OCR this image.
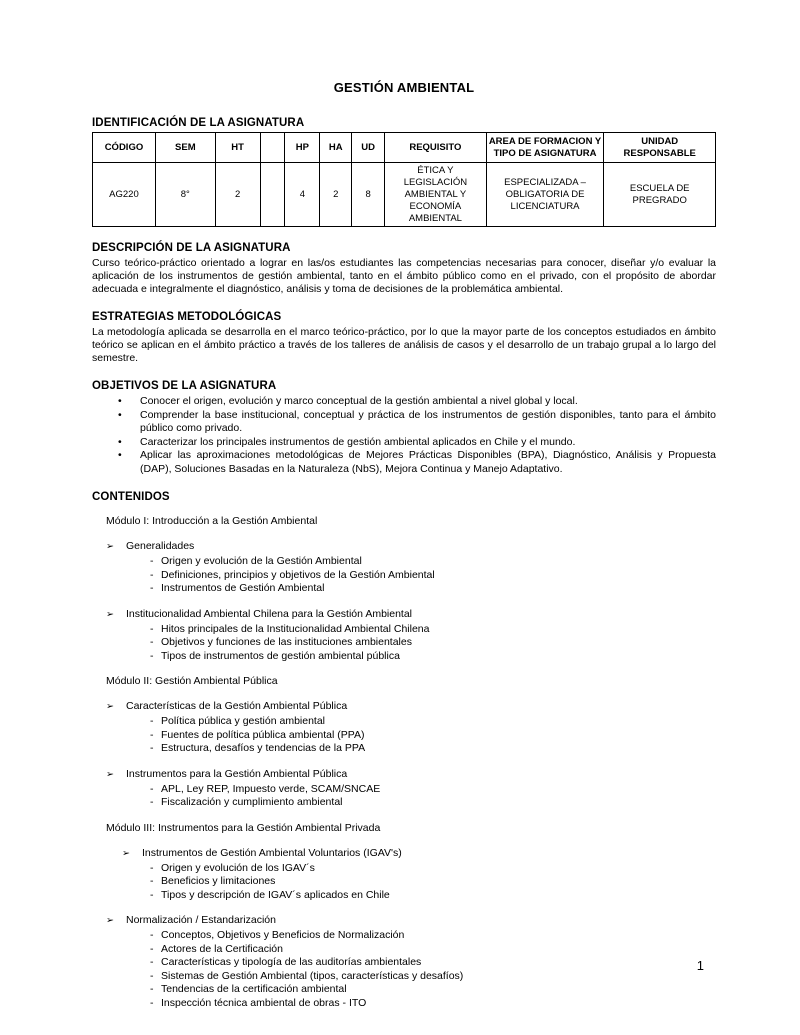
GESTIÓN AMBIENTAL
IDENTIFICACIÓN DE LA ASIGNATURA
CÓDIGO	SEM	HT		HP	HA	UD	REQUISITO	AREA DE FORMACION Y TIPO DE ASIGNATURA	UNIDAD RESPONSABLE
AG220	8°	2		4	2	8	ÉTICA Y LEGISLACIÓN AMBIENTAL Y ECONOMÍA AMBIENTAL	ESPECIALIZADA – OBLIGATORIA DE LICENCIATURA	ESCUELA DE PREGRADO
DESCRIPCIÓN DE LA ASIGNATURA

Curso teórico-práctico orientado a lograr en las/os estudiantes las competencias necesarias para conocer, diseñar y/o evaluar la aplicación de los instrumentos de gestión ambiental, tanto en el ámbito público como en el privado, con el propósito de abordar adecuada e integralmente el diagnóstico, análisis y toma de decisiones de la problemática ambiental.

ESTRATEGIAS METODOLÓGICAS

La metodología aplicada se desarrolla en el marco teórico-práctico, por lo que la mayor parte de los conceptos estudiados en ámbito teórico se aplican en el ámbito práctico a través de los talleres de análisis de casos y el desarrollo de un trabajo grupal a lo largo del semestre.

OBJETIVOS DE LA ASIGNATURA
•	Conocer el origen, evolución y marco conceptual de la gestión ambiental a nivel global y local.
•	Comprender la base institucional, conceptual y práctica de los instrumentos de gestión disponibles, tanto para el ámbito público como privado.
•	Caracterizar los principales instrumentos de gestión ambiental aplicados en Chile y el mundo.
•	Aplicar las aproximaciones metodológicas de Mejores Prácticas Disponibles (BPA), Diagnóstico, Análisis y Propuesta (DAP), Soluciones Basadas en la Naturaleza (NbS), Mejora Continua y Manejo Adaptativo.
CONTENIDOS

Módulo I: Introducción a la Gestión Ambiental

➢	Generalidades
- Origen y evolución de la Gestión Ambiental
- Definiciones, principios y objetivos de la Gestión Ambiental
- Instrumentos de Gestión Ambiental
➢	Institucionalidad Ambiental Chilena para la Gestión Ambiental
- Hitos principales de la Institucionalidad Ambiental Chilena
- Objetivos y funciones de las instituciones ambientales
- Tipos de instrumentos de gestión ambiental pública

Módulo II: Gestión Ambiental Pública

➢	Características de la Gestión Ambiental Pública
- Política pública y gestión ambiental
- Fuentes de política pública ambiental (PPA)
- Estructura, desafíos y tendencias de la PPA
➢	Instrumentos para la Gestión Ambiental Pública
- APL, Ley REP, Impuesto verde, SCAM/SNCAE
- Fiscalización y cumplimiento ambiental

Módulo III: Instrumentos para la Gestión Ambiental Privada

➢	Instrumentos de Gestión Ambiental Voluntarios (IGAV's)
- Origen y evolución de los IGAV´s
- Beneficios y limitaciones
- Tipos y descripción de IGAV´s aplicados en Chile
➢	Normalización / Estandarización
- Conceptos, Objetivos y Beneficios de Normalización
- Actores de la Certificación
- Características y tipología de las auditorías ambientales
- Sistemas de Gestión Ambiental (tipos, características y desafíos)
- Tendencias de la certificación ambiental
- Inspección técnica ambiental de obras - ITO
1
